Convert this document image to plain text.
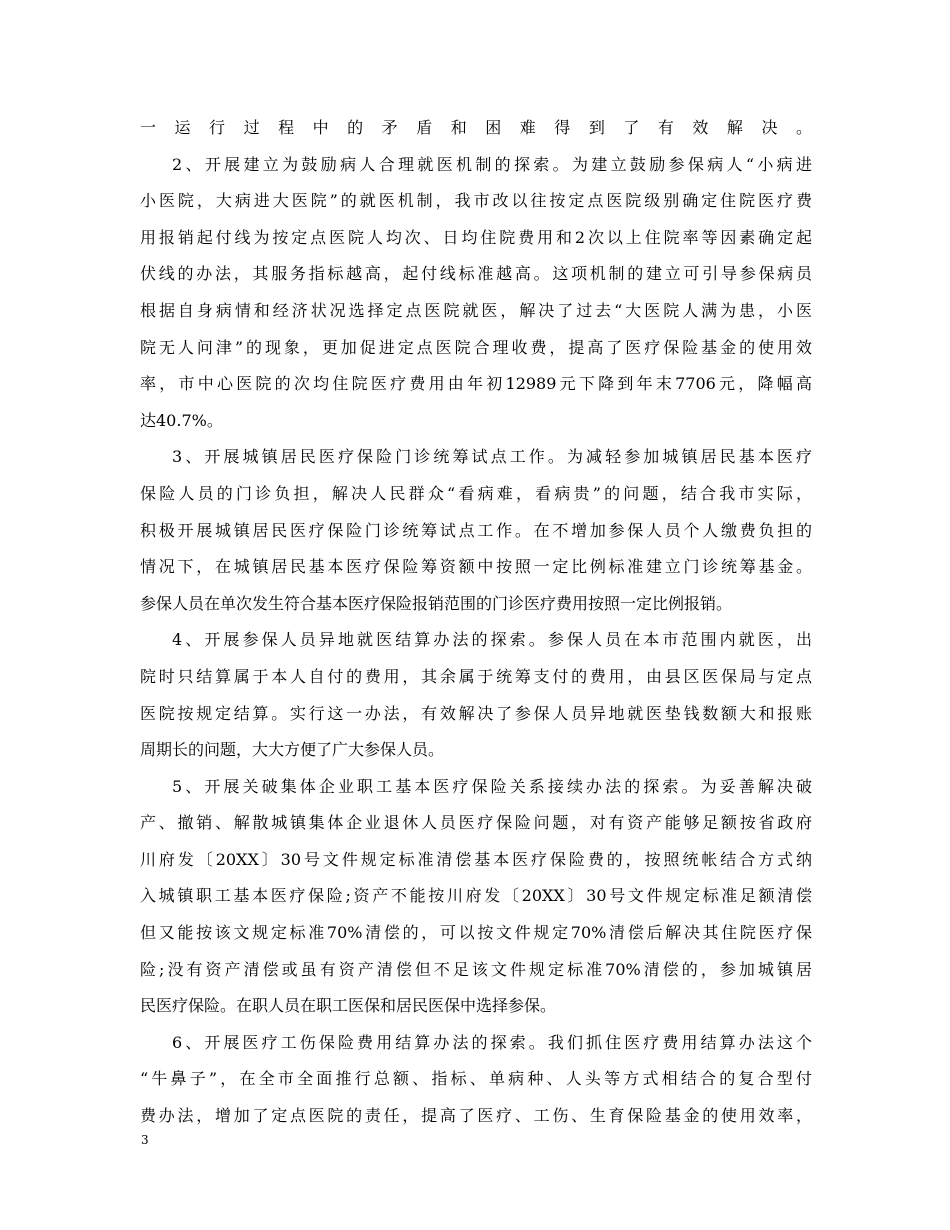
一运行过程中的矛盾和困难得到了有效解决。
2、开展建立为鼓励病人合理就医机制的探索。为建立鼓励参保病人“小病进
小医院，大病进大医院”的就医机制，我市改以往按定点医院级别确定住院医疗费
用报销起付线为按定点医院人均次、日均住院费用和2次以上住院率等因素确定起
伏线的办法，其服务指标越高，起付线标准越高。这项机制的建立可引导参保病员
根据自身病情和经济状况选择定点医院就医，解决了过去“大医院人满为患，小医
院无人问津”的现象，更加促进定点医院合理收费，提高了医疗保险基金的使用效
率，市中心医院的次均住院医疗费用由年初12989元下降到年末7706元，降幅高
达40.7%。
3、开展城镇居民医疗保险门诊统筹试点工作。为减轻参加城镇居民基本医疗
保险人员的门诊负担，解决人民群众“看病难，看病贵”的问题，结合我市实际，
积极开展城镇居民医疗保险门诊统筹试点工作。在不增加参保人员个人缴费负担的
情况下，在城镇居民基本医疗保险筹资额中按照一定比例标准建立门诊统筹基金。
参保人员在单次发生符合基本医疗保险报销范围的门诊医疗费用按照一定比例报销。
4、开展参保人员异地就医结算办法的探索。参保人员在本市范围内就医，出
院时只结算属于本人自付的费用，其余属于统筹支付的费用，由县区医保局与定点
医院按规定结算。实行这一办法，有效解决了参保人员异地就医垫钱数额大和报账
周期长的问题，大大方便了广大参保人员。
5、开展关破集体企业职工基本医疗保险关系接续办法的探索。为妥善解决破
产、撤销、解散城镇集体企业退休人员医疗保险问题，对有资产能够足额按省政府
川府发〔20XX〕30号文件规定标准清偿基本医疗保险费的，按照统帐结合方式纳
入城镇职工基本医疗保险;资产不能按川府发〔20XX〕30号文件规定标准足额清偿
但又能按该文规定标准70%清偿的，可以按文件规定70%清偿后解决其住院医疗保
险;没有资产清偿或虽有资产清偿但不足该文件规定标准70%清偿的，参加城镇居
民医疗保险。在职人员在职工医保和居民医保中选择参保。
6、开展医疗工伤保险费用结算办法的探索。我们抓住医疗费用结算办法这个
“牛鼻子”，在全市全面推行总额、指标、单病种、人头等方式相结合的复合型付
费办法，增加了定点医院的责任，提高了医疗、工伤、生育保险基金的使用效率，
3
